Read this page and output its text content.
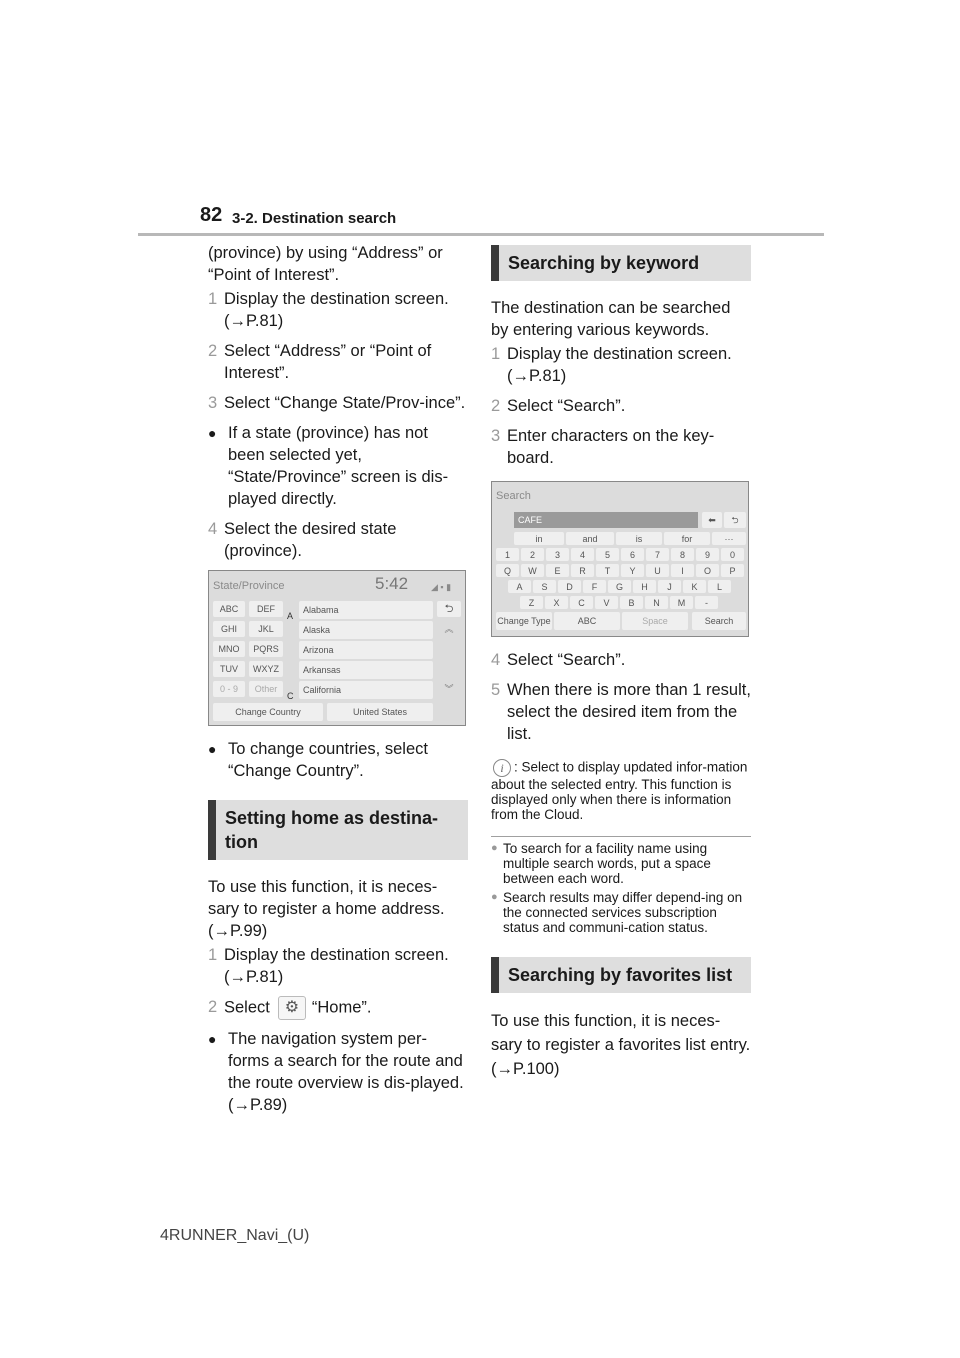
82 3-2. Destination search

(province) by using “Address” or “Point of Interest”.

1 Display the destination screen. (→P.81)
2 Select “Address” or “Point of Interest”.
3 Select “Change State/Prov-ince”.
● If a state (province) has not been selected yet, “State/Province” screen is dis-played directly.
4 Select the desired state (province).
State/Province	5:42	◢ ▪ ▮
ABC	DEF
GHI	JKL
MNO	PQRS
TUV	WXYZ
0 - 9	Other
A
C
Alabama
Alaska
Arizona
Arkansas
California
⮌
︽
︾
Change Country	United States
● To change countries, select “Change Country”.
Setting home as destina-tion

To use this function, it is neces-sary to register a home address. (→P.99)

1 Display the destination screen. (→P.81)
2 Select ⚙ “Home”.
● The navigation system per-forms a search for the route and the route overview is dis-played. (→P.89)
Searching by keyword

The destination can be searched by entering various keywords.

1 Display the destination screen. (→P.81)
2 Select “Search”.
3 Enter characters on the key-board.
Search
CAFE	⬅	⮌
in	and	is	for	···
1	2	3	4	5	6	7	8	9	0
Q	W	E	R	T	Y	U	I	O	P
A	S	D	F	G	H	J	K	L
Z	X	C	V	B	N	M	-
Change Type	ABC	Space	Search
4 Select “Search”.
5 When there is more than 1 result, select the desired item from the list.
i : Select to display updated infor-mation about the selected entry. This function is displayed only when there is information from the Cloud.
● To search for a facility name using multiple search words, put a space between each word.
● Search results may differ depend-ing on the connected services subscription status and communi-cation status.
Searching by favorites list

To use this function, it is neces-sary to register a favorites list entry. (→P.100)

4RUNNER_Navi_(U)
